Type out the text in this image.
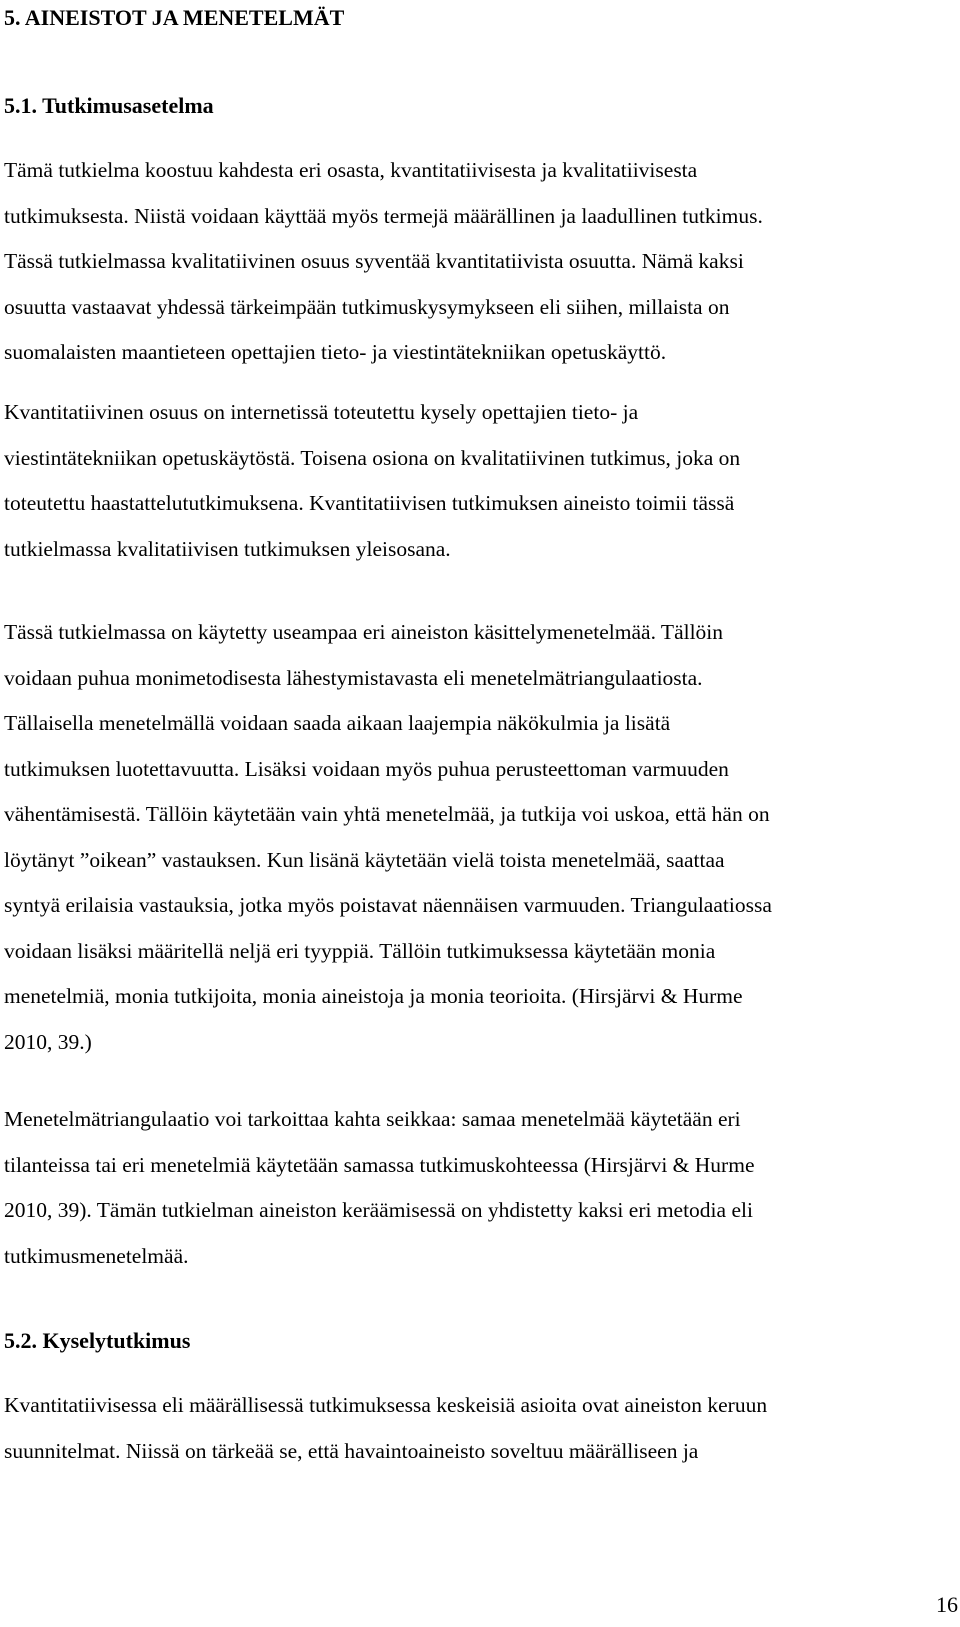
5. AINEISTOT JA MENETELMÄT
5.1. Tutkimusasetelma
Tämä tutkielma koostuu kahdesta eri osasta, kvantitatiivisesta ja kvalitatiivisesta
tutkimuksesta. Niistä voidaan käyttää myös termejä määrällinen ja laadullinen tutkimus.
Tässä tutkielmassa kvalitatiivinen osuus syventää kvantitatiivista osuutta. Nämä kaksi
osuutta vastaavat yhdessä tärkeimpään tutkimuskysymykseen eli siihen, millaista on
suomalaisten maantieteen opettajien tieto- ja viestintätekniikan opetuskäyttö.
Kvantitatiivinen osuus on internetissä toteutettu kysely opettajien tieto- ja
viestintätekniikan opetuskäytöstä. Toisena osiona on kvalitatiivinen tutkimus, joka on
toteutettu haastattelututkimuksena. Kvantitatiivisen tutkimuksen aineisto toimii tässä
tutkielmassa kvalitatiivisen tutkimuksen yleisosana.
Tässä tutkielmassa on käytetty useampaa eri aineiston käsittelymenetelmää. Tällöin
voidaan puhua monimetodisesta lähestymistavasta eli menetelmätriangulaatiosta.
Tällaisella menetelmällä voidaan saada aikaan laajempia näkökulmia ja lisätä
tutkimuksen luotettavuutta. Lisäksi voidaan myös puhua perusteettoman varmuuden
vähentämisestä. Tällöin käytetään vain yhtä menetelmää, ja tutkija voi uskoa, että hän on
löytänyt ”oikean” vastauksen. Kun lisänä käytetään vielä toista menetelmää, saattaa
syntyä erilaisia vastauksia, jotka myös poistavat näennäisen varmuuden. Triangulaatiossa
voidaan lisäksi määritellä neljä eri tyyppiä. Tällöin tutkimuksessa käytetään monia
menetelmiä, monia tutkijoita, monia aineistoja ja monia teorioita. (Hirsjärvi & Hurme
2010, 39.)
Menetelmätriangulaatio voi tarkoittaa kahta seikkaa: samaa menetelmää käytetään eri
tilanteissa tai eri menetelmiä käytetään samassa tutkimuskohteessa (Hirsjärvi & Hurme
2010, 39). Tämän tutkielman aineiston keräämisessä on yhdistetty kaksi eri metodia eli
tutkimusmenetelmää.
5.2. Kyselytutkimus
Kvantitatiivisessa eli määrällisessä tutkimuksessa keskeisiä asioita ovat aineiston keruun
suunnitelmat. Niissä on tärkeää se, että havaintoaineisto soveltuu määrälliseen ja
16
